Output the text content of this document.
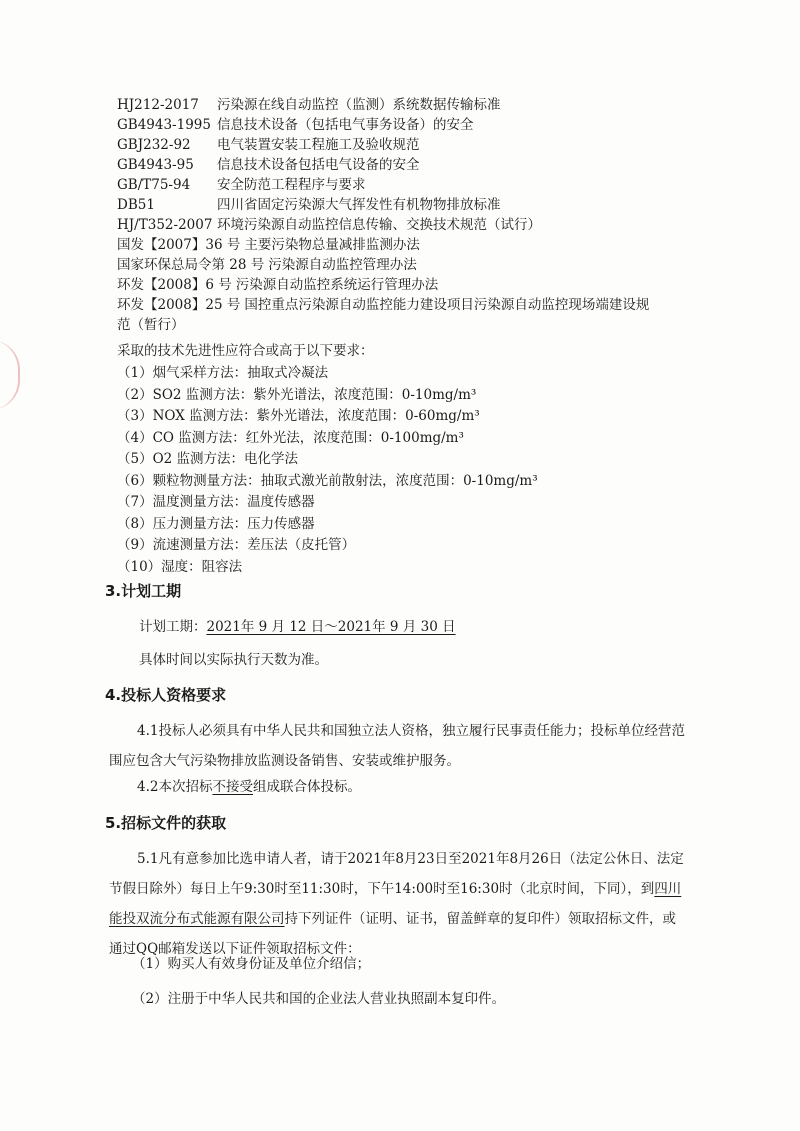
HJ212-2017 污染源在线自动监控（监测）系统数据传输标准
GB4943-1995 信息技术设备（包括电气事务设备）的安全
GBJ232-92 电气装置安装工程施工及验收规范
GB4943-95 信息技术设备包括电气设备的安全
GB/T75-94 安全防范工程程序与要求
DB51	四川省固定污染源大气挥发性有机物物排放标准
HJ/T352-2007 环境污染源自动监控信息传输、交换技术规范（试行）
国发【2007】36 号 主要污染物总量减排监测办法
国家环保总局令第 28 号 污染源自动监控管理办法
环发【2008】6 号 污染源自动监控系统运行管理办法
环发【2008】25 号 国控重点污染源自动监控能力建设项目污染源自动监控现场端建设规
范（暂行）
采取的技术先进性应符合或高于以下要求：
（1）烟气采样方法：抽取式冷凝法
（2）SO2 监测方法：紫外光谱法，浓度范围：0-10mg/m³
（3）NOX 监测方法：紫外光谱法，浓度范围：0-60mg/m³
（4）CO 监测方法：红外光法，浓度范围：0-100mg/m³
（5）O2 监测方法：电化学法
（6）颗粒物测量方法：抽取式激光前散射法，浓度范围：0-10mg/m³
（7）温度测量方法：温度传感器
（8）压力测量方法：压力传感器
（9）流速测量方法：差压法（皮托管）
（10）湿度：阻容法
3.计划工期
计划工期：2021年 9 月 12 日～2021年 9 月 30 日
具体时间以实际执行天数为准。
4.投标人资格要求
4.1投标人必须具有中华人民共和国独立法人资格，独立履行民事责任能力；投标单位经营范围应包含大气污染物排放监测设备销售、安装或维护服务。
4.2本次招标不接受组成联合体投标。
5.招标文件的获取
5.1凡有意参加比选申请人者，请于2021年8月23日至2021年8月26日（法定公休日、法定节假日除外）每日上午9:30时至11:30时，下午14:00时至16:30时（北京时间，下同），到四川能投双流分布式能源有限公司持下列证件（证明、证书，留盖鲜章的复印件）领取招标文件，或通过QQ邮箱发送以下证件领取招标文件：
（1）购买人有效身份证及单位介绍信；
（2）注册于中华人民共和国的企业法人营业执照副本复印件。
